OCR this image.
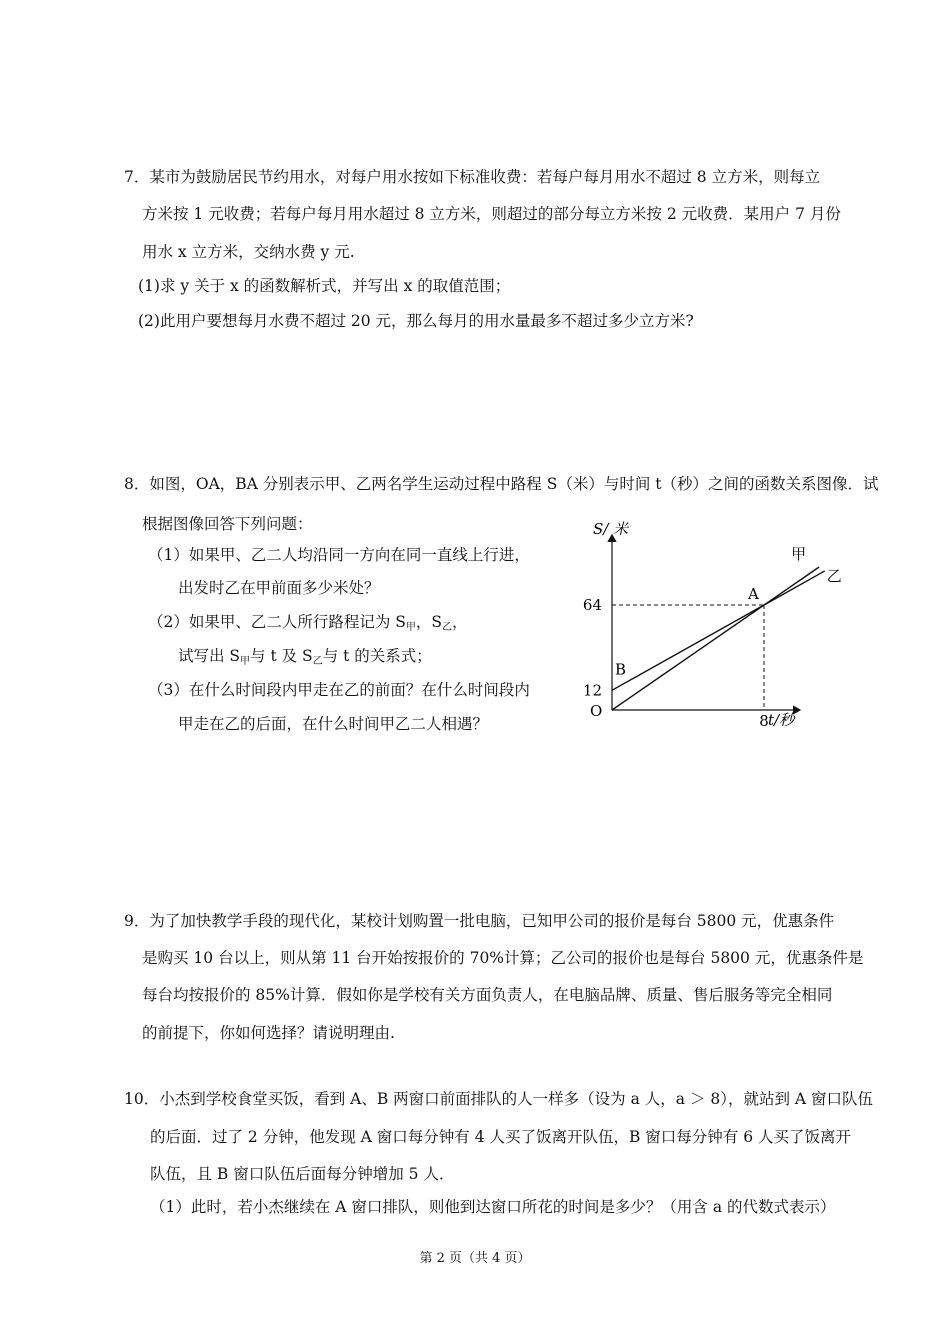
7．某市为鼓励居民节约用水，对每户用水按如下标准收费：若每户每月用水不超过 8 立方米，则每立
方米按 1 元收费；若每户每月用水超过 8 立方米，则超过的部分每立方米按 2 元收费．某用户 7 月份
用水 x 立方米，交纳水费 y 元.
(1)求 y 关于 x 的函数解析式，并写出 x 的取值范围；
(2)此用户要想每月水费不超过 20 元，那么每月的用水量最多不超过多少立方米?
8．如图，OA，BA 分别表示甲、乙两名学生运动过程中路程 S（米）与时间 t（秒）之间的函数关系图像．试
根据图像回答下列问题：
（1）如果甲、乙二人均沿同一方向在同一直线上行进，
出发时乙在甲前面多少米处？
（2）如果甲、乙二人所行路程记为 S甲，S乙，
试写出 S甲与 t 及 S乙与 t 的关系式；
（3）在什么时间段内甲走在乙的前面？在什么时间段内
甲走在乙的后面，在什么时间甲乙二人相遇？
S/ 米
t/秒
64
12
8
O
A
B
甲
乙
9．为了加快教学手段的现代化，某校计划购置一批电脑，已知甲公司的报价是每台 5800 元，优惠条件
是购买 10 台以上，则从第 11 台开始按报价的 70%计算；乙公司的报价也是每台 5800 元，优惠条件是
每台均按报价的 85%计算．假如你是学校有关方面负责人，在电脑品牌、质量、售后服务等完全相同
的前提下，你如何选择？请说明理由.
10．小杰到学校食堂买饭，看到 A、B 两窗口前面排队的人一样多（设为 a 人，a ＞ 8），就站到 A 窗口队伍
的后面．过了 2 分钟，他发现 A 窗口每分钟有 4 人买了饭离开队伍，B 窗口每分钟有 6 人买了饭离开
队伍，且 B 窗口队伍后面每分钟增加 5 人．
（1）此时，若小杰继续在 A 窗口排队，则他到达窗口所花的时间是多少？（用含 a 的代数式表示）
第 2 页（共 4 页）
